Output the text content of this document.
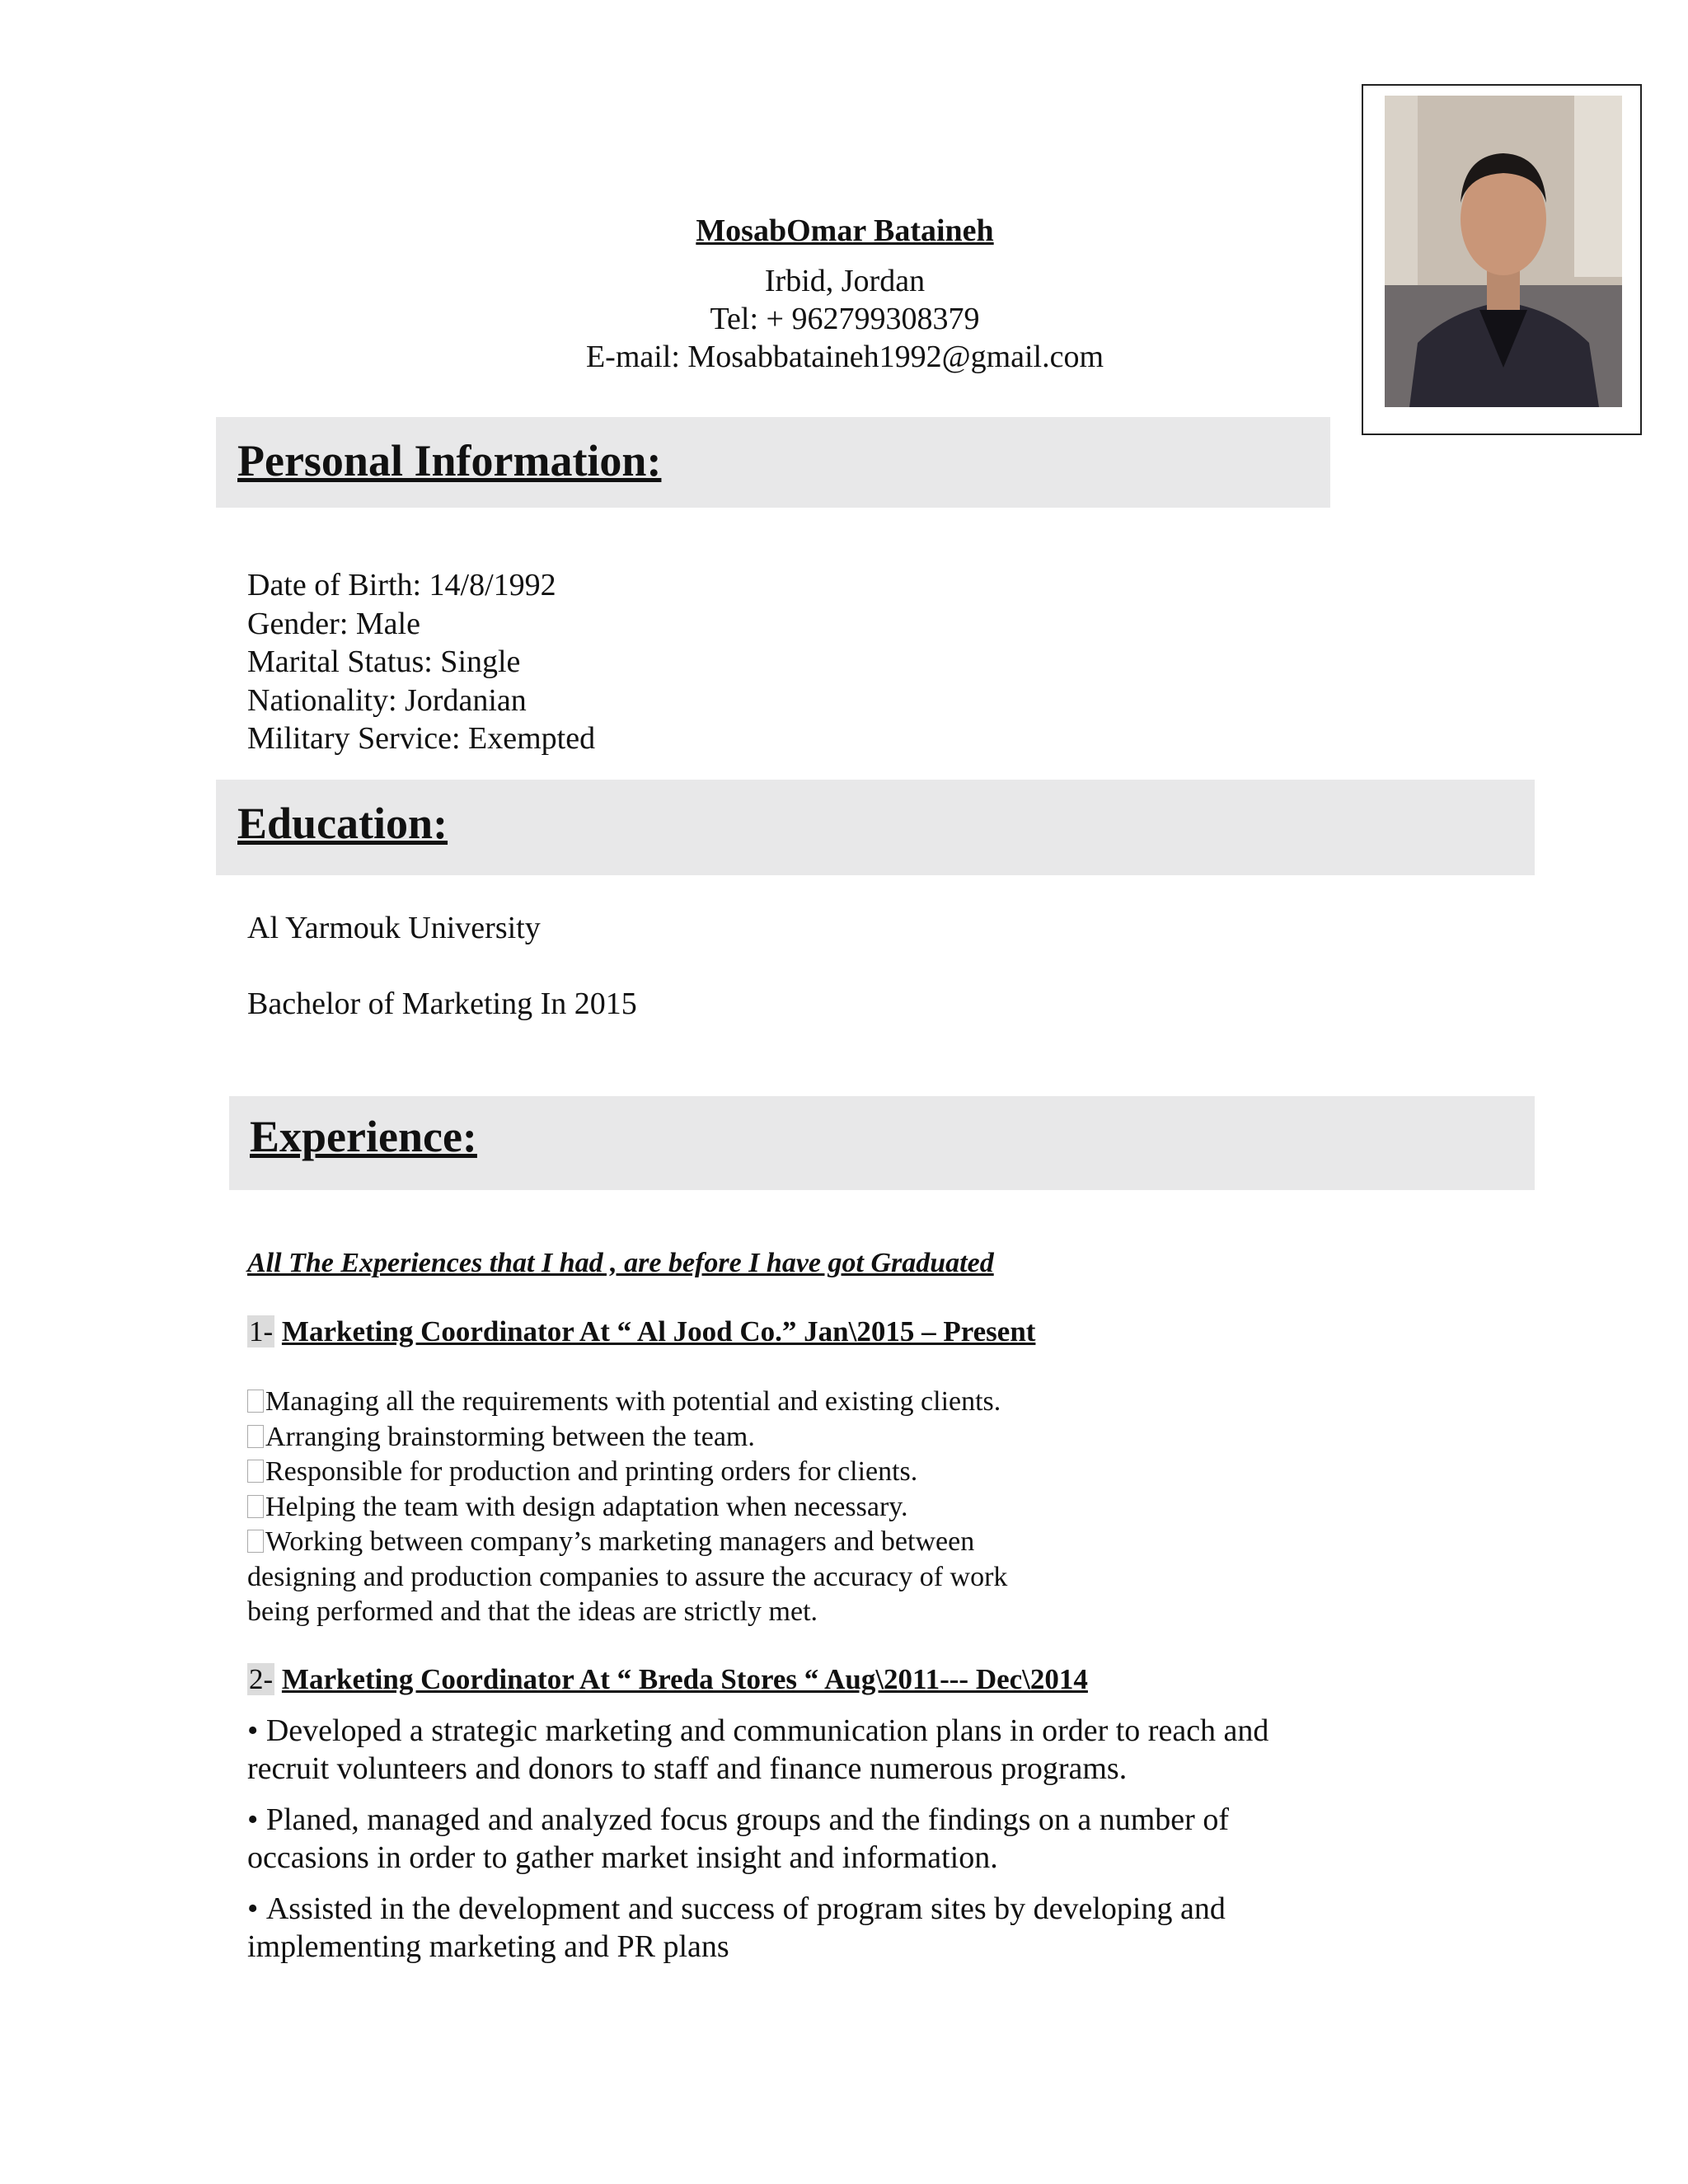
MosabOmar Bataineh
Irbid, Jordan
Tel: + 962799308379
E-mail: Mosabbataineh1992@gmail.com
Personal Information:
Date of Birth: 14/8/1992
Gender: Male
Marital Status: Single
Nationality: Jordanian
Military Service: Exempted
Education:
Al Yarmouk University
Bachelor of Marketing In 2015
Experience:
All The Experiences that I had , are before I have got Graduated
1- Marketing Coordinator At “ Al Jood Co.” Jan\2015 – Present
Managing all the requirements with potential and existing clients.
Arranging brainstorming between the team.
Responsible for production and printing orders for clients.
Helping the team with design adaptation when necessary.
Working between company’s marketing managers and between
designing and production companies to assure the accuracy of work
being performed and that the ideas are strictly met.
2- Marketing Coordinator At “ Breda Stores “ Aug\2011--- Dec\2014
• Developed a strategic marketing and communication plans in order to reach and
recruit volunteers and donors to staff and finance numerous programs.
• Planed, managed and analyzed focus groups and the findings on a number of
occasions in order to gather market insight and information.
• Assisted in the development and success of program sites by developing and
implementing marketing and PR plans
